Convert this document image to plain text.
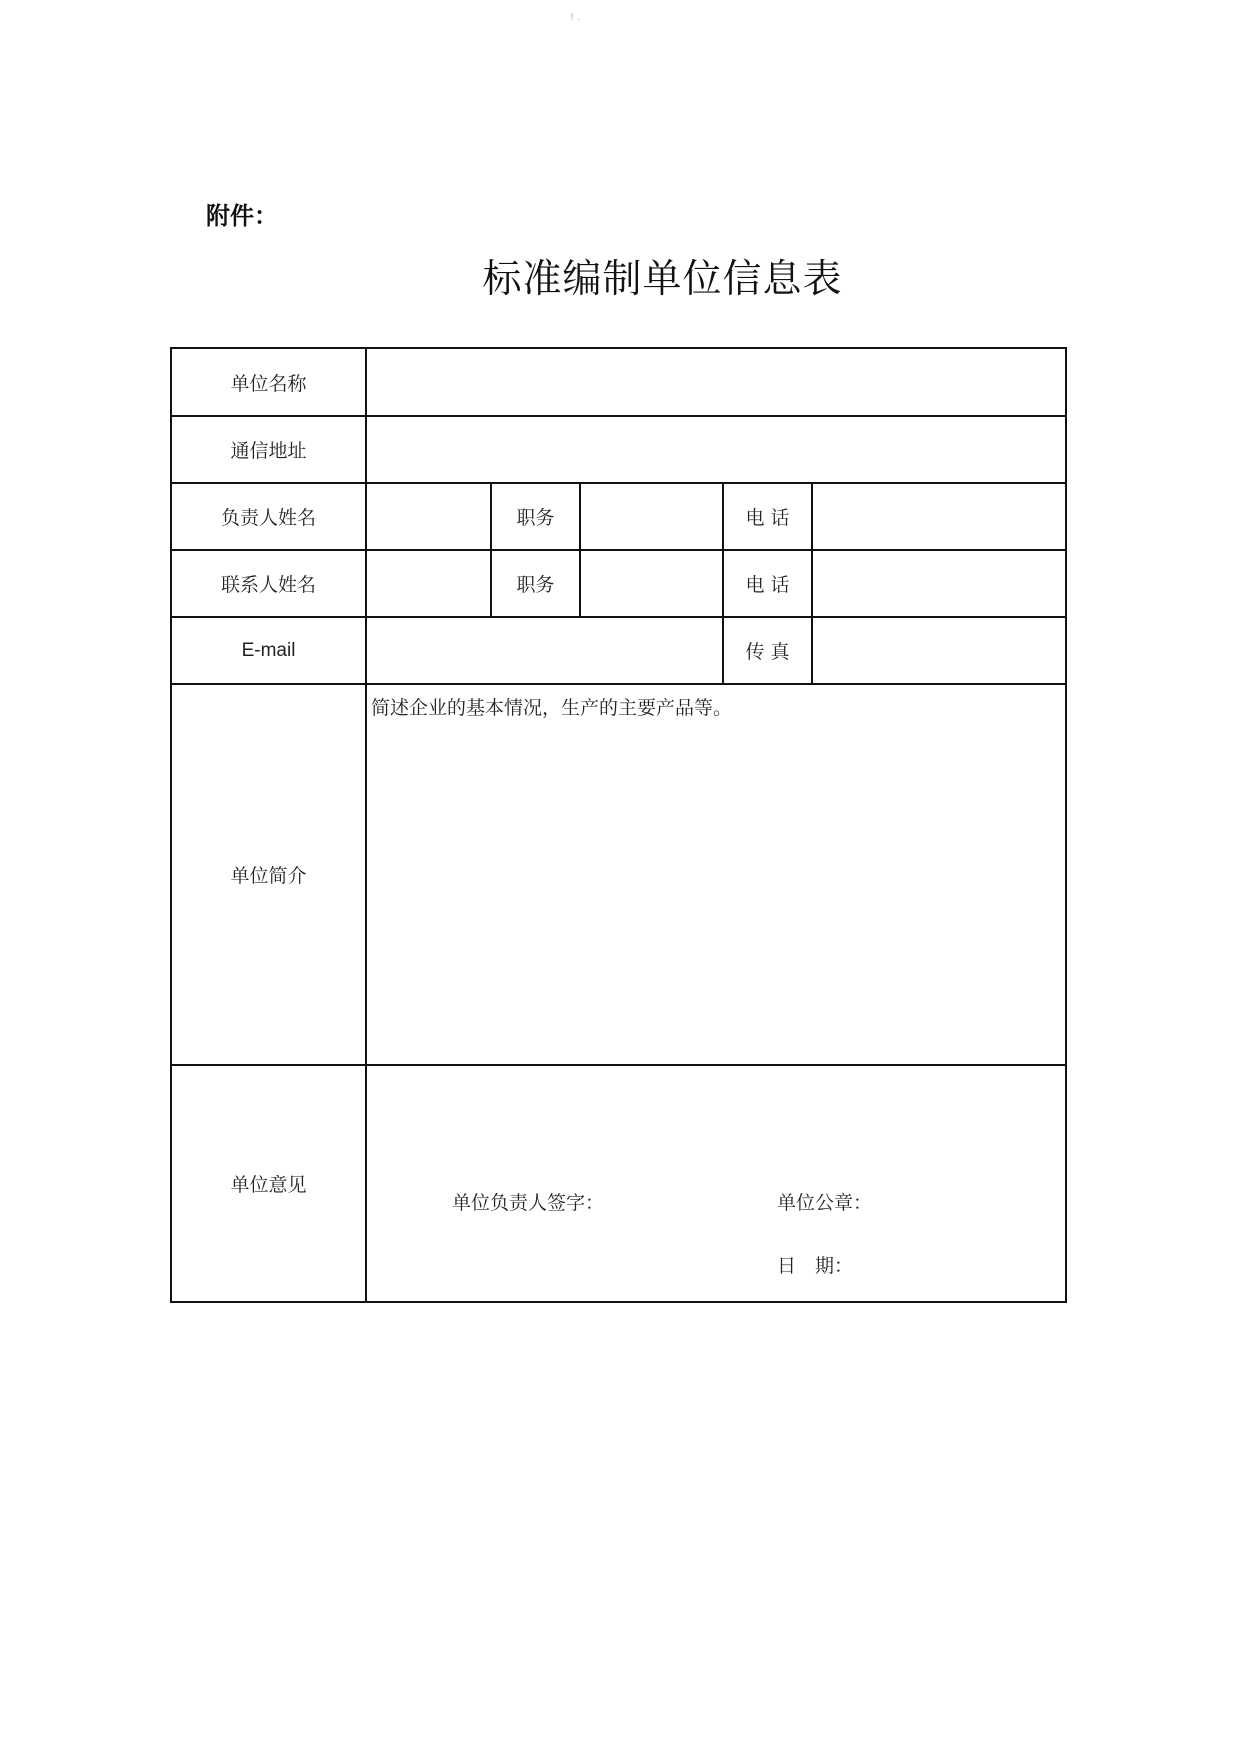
! .
附件：
标准编制单位信息表
单位名称					
通信地址					
负责人姓名		职务		电 话	
联系人姓名		职务		电 话	
E-mail				传 真	
单位简介	简述企业的基本情况，生产的主要产品等。				
单位意见	单位负责人签字： 单位公章：
日　期：				
